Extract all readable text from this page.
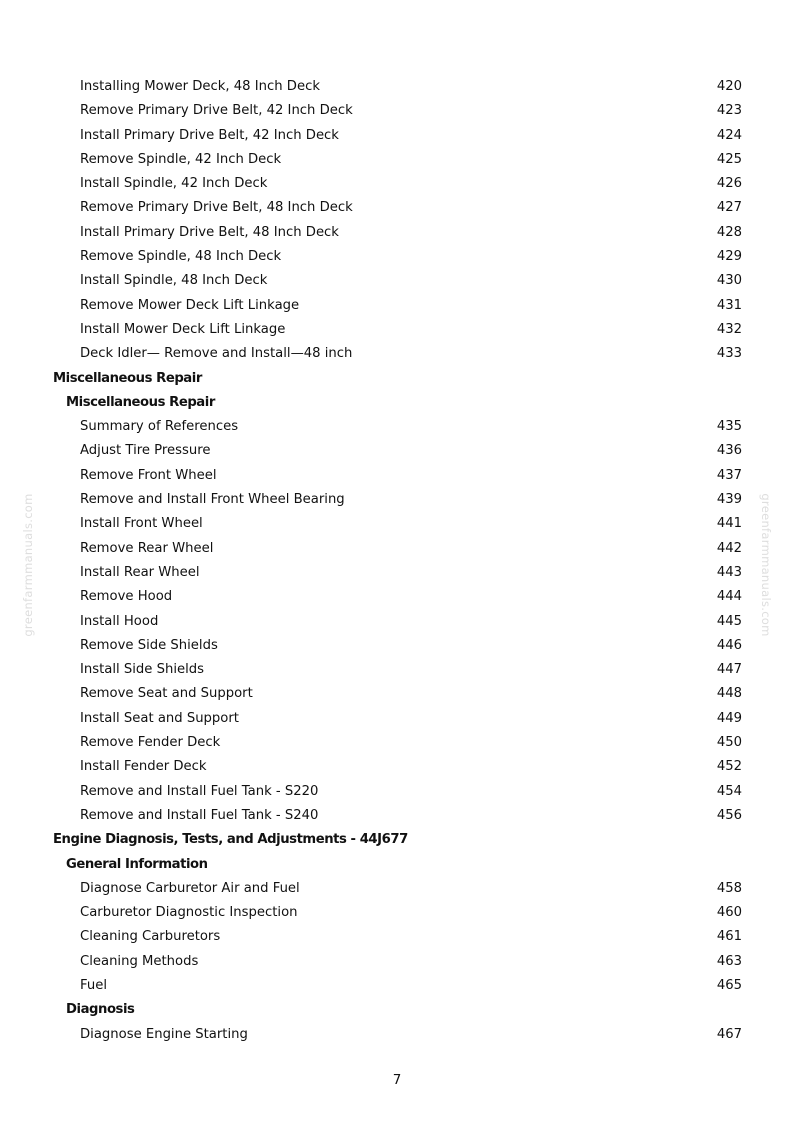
greenfarmmanuals.com	greenfarmmanuals.com
Installing Mower Deck, 48 Inch Deck	420
Remove Primary Drive Belt, 42 Inch Deck	423
Install Primary Drive Belt, 42 Inch Deck	424
Remove Spindle, 42 Inch Deck	425
Install Spindle, 42 Inch Deck	426
Remove Primary Drive Belt, 48 Inch Deck	427
Install Primary Drive Belt, 48 Inch Deck	428
Remove Spindle, 48 Inch Deck	429
Install Spindle, 48 Inch Deck	430
Remove Mower Deck Lift Linkage	431
Install Mower Deck Lift Linkage	432
Deck Idler— Remove and Install—48 inch	433
Miscellaneous Repair
Miscellaneous Repair
Summary of References	435
Adjust Tire Pressure	436
Remove Front Wheel	437
Remove and Install Front Wheel Bearing	439
Install Front Wheel	441
Remove Rear Wheel	442
Install Rear Wheel	443
Remove Hood	444
Install Hood	445
Remove Side Shields	446
Install Side Shields	447
Remove Seat and Support	448
Install Seat and Support	449
Remove Fender Deck	450
Install Fender Deck	452
Remove and Install Fuel Tank - S220	454
Remove and Install Fuel Tank - S240	456
Engine Diagnosis, Tests, and Adjustments - 44J677
General Information
Diagnose Carburetor Air and Fuel	458
Carburetor Diagnostic Inspection	460
Cleaning Carburetors	461
Cleaning Methods	463
Fuel	465
Diagnosis
Diagnose Engine Starting	467
7
